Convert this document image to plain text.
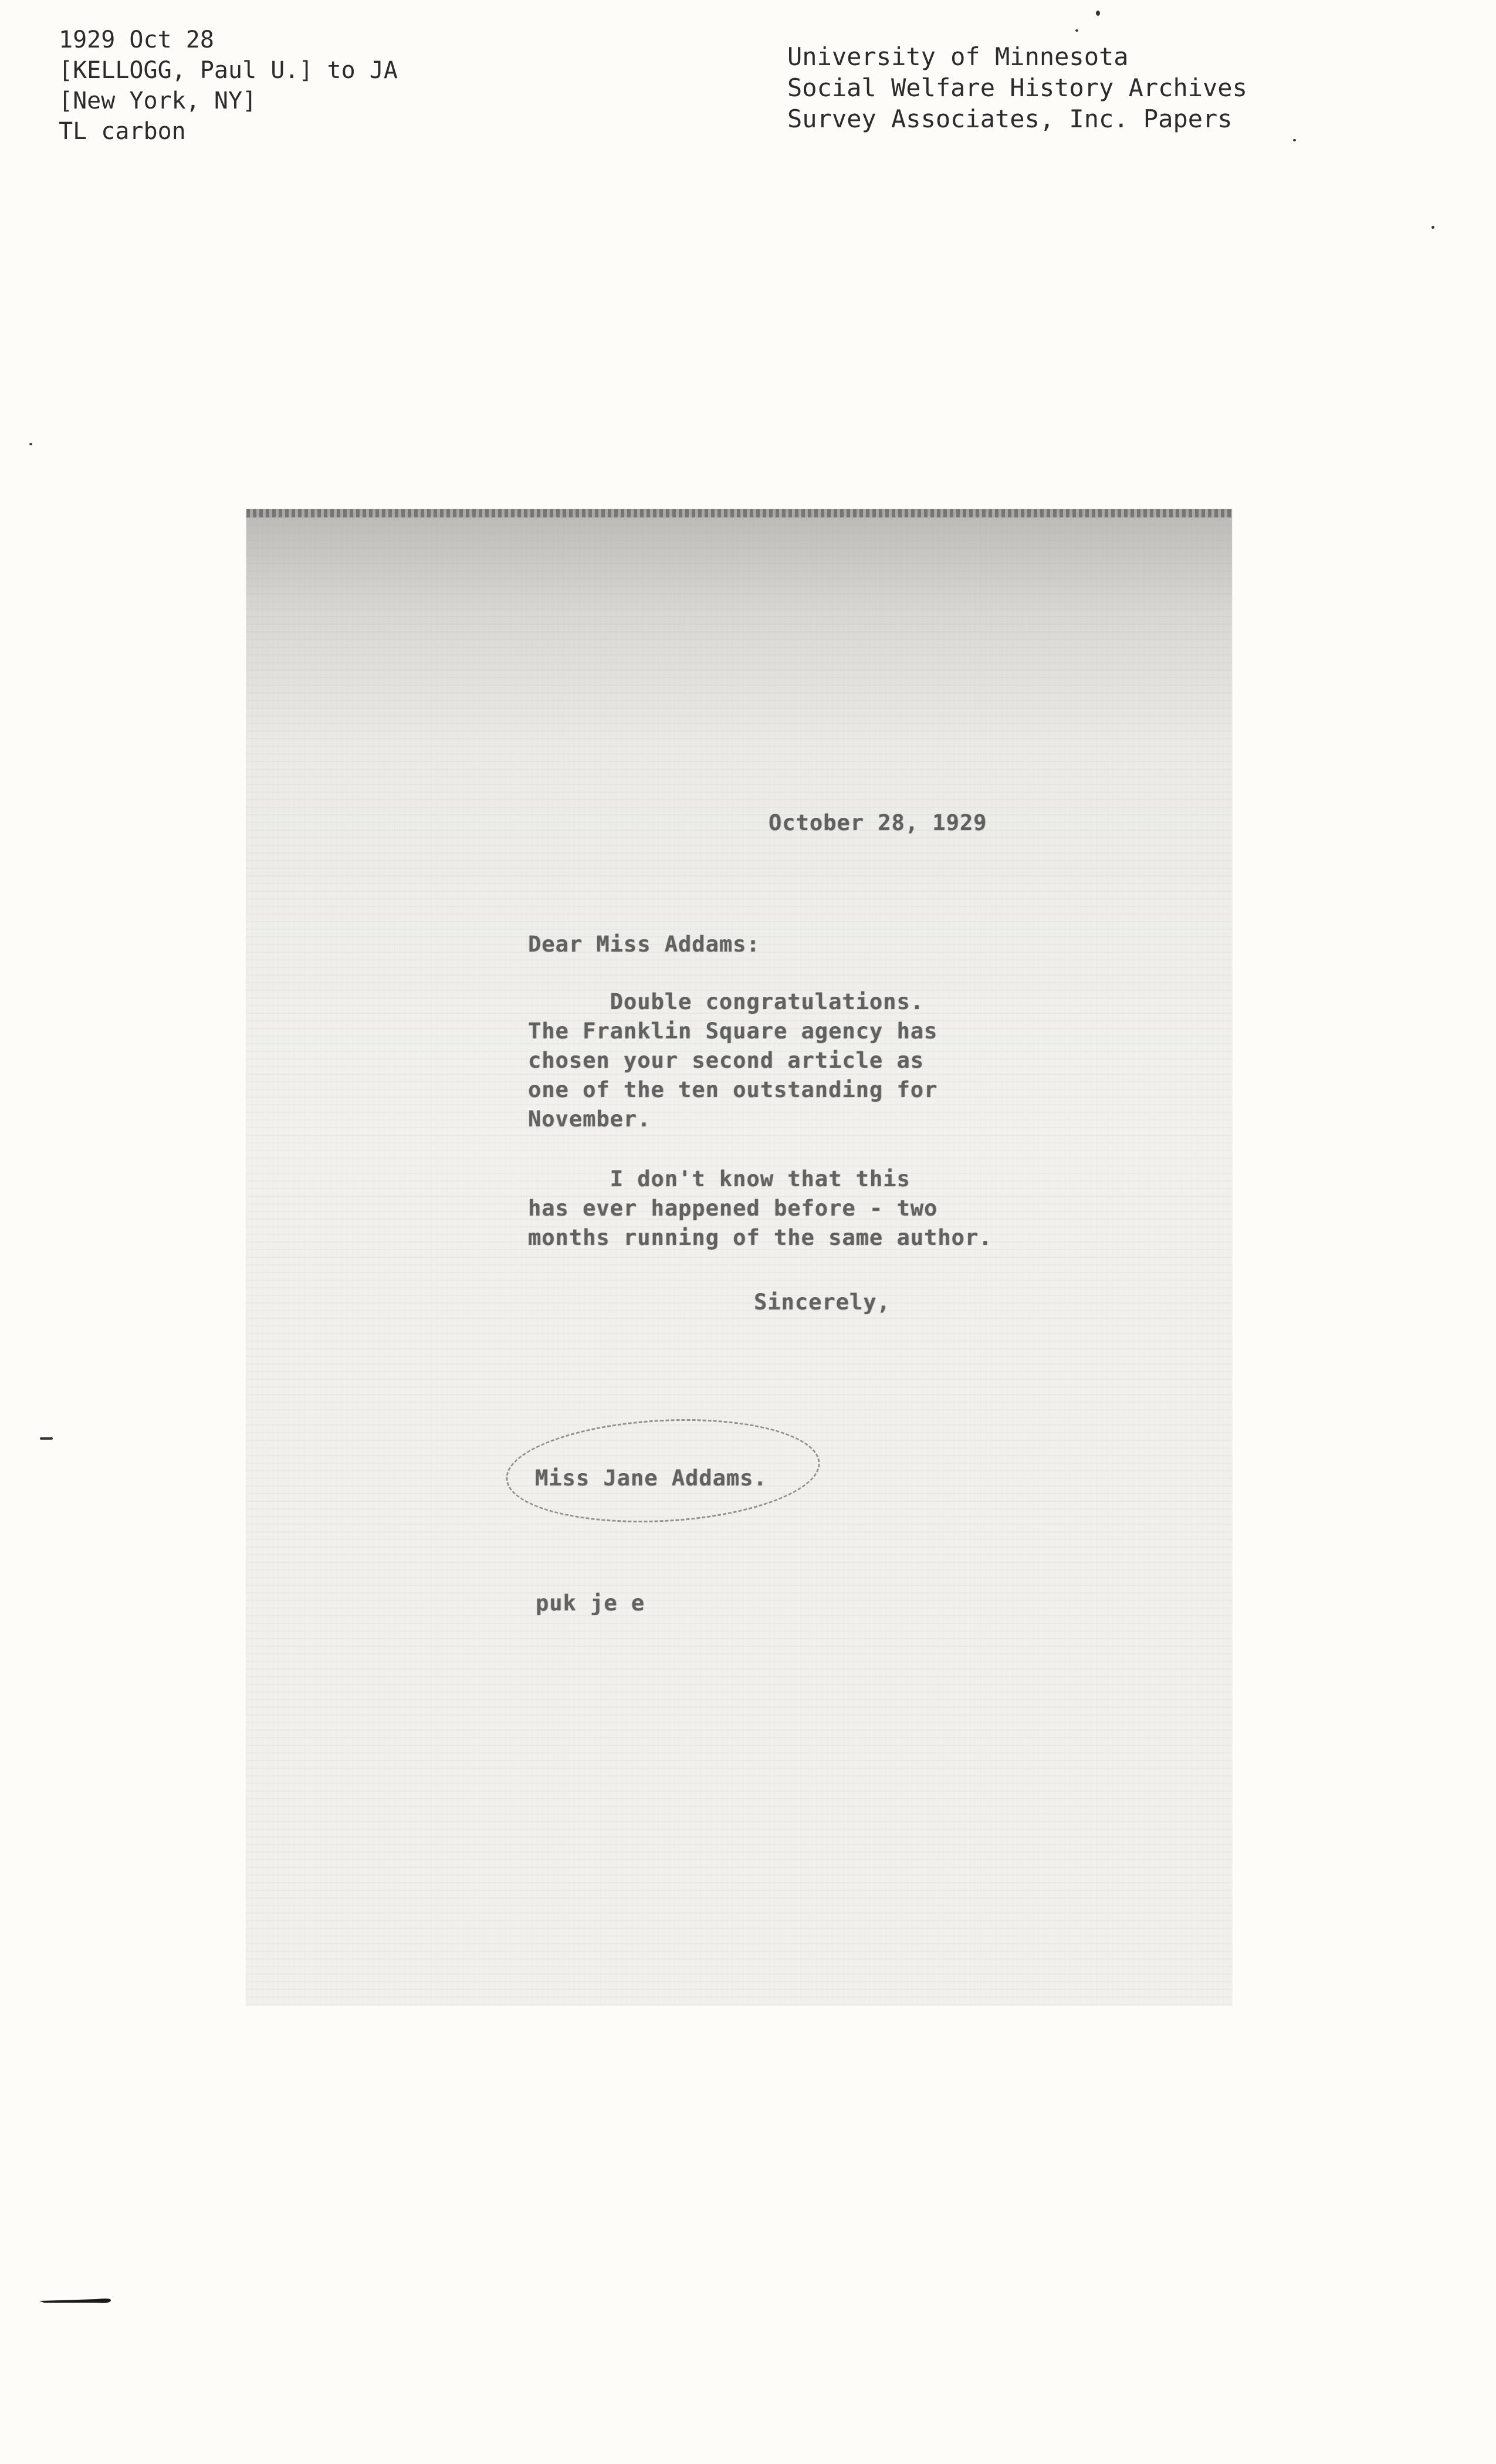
1929 Oct 28
[KELLOGG, Paul U.] to JA
[New York, NY]
TL carbon
University of Minnesota
Social Welfare History Archives
Survey Associates, Inc. Papers
October 28, 1929
Dear Miss Addams:
Double congratulations.
The Franklin Square agency has
chosen your second article as
one of the ten outstanding for
November.
I don't know that this
has ever happened before - two
months running of the same author.
Sincerely,
Miss Jane Addams.
puk je e
